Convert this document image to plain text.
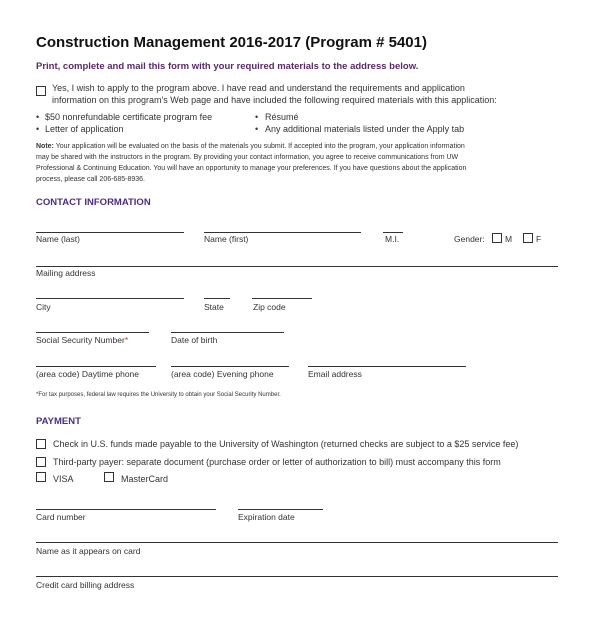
Construction Management 2016-2017 (Program # 5401)
Print, complete and mail this form with your required materials to the address below.
Yes, I wish to apply to the program above. I have read and understand the requirements and application
information on this program's Web page and have included the following required materials with this application:
• $50 nonrefundable certificate program fee	• Résumé
• Letter of application	• Any additional materials listed under the Apply tab
Note: Your application will be evaluated on the basis of the materials you submit. If accepted into the program, your application information
may be shared with the instructors in the program. By providing your contact information, you agree to receive communications from UW
Professional & Continuing Education. You will have an opportunity to manage your preferences. If you have questions about the application
process, please call 206-685-8936.
CONTACT INFORMATION
Name (last)	Name (first)	M.I.	Gender: M	F
Mailing address
City	State	Zip code
Social Security Number*	Date of birth
(area code) Daytime phone	(area code) Evening phone	Email address
*For tax purposes, federal law requires the University to obtain your Social Security Number.
PAYMENT
Check in U.S. funds made payable to the University of Washington (returned checks are subject to a $25 service fee)
Third-party payer: separate document (purchase order or letter of authorization to bill) must accompany this form
VISA	MasterCard
Card number	Expiration date
Name as it appears on card
Credit card billing address
